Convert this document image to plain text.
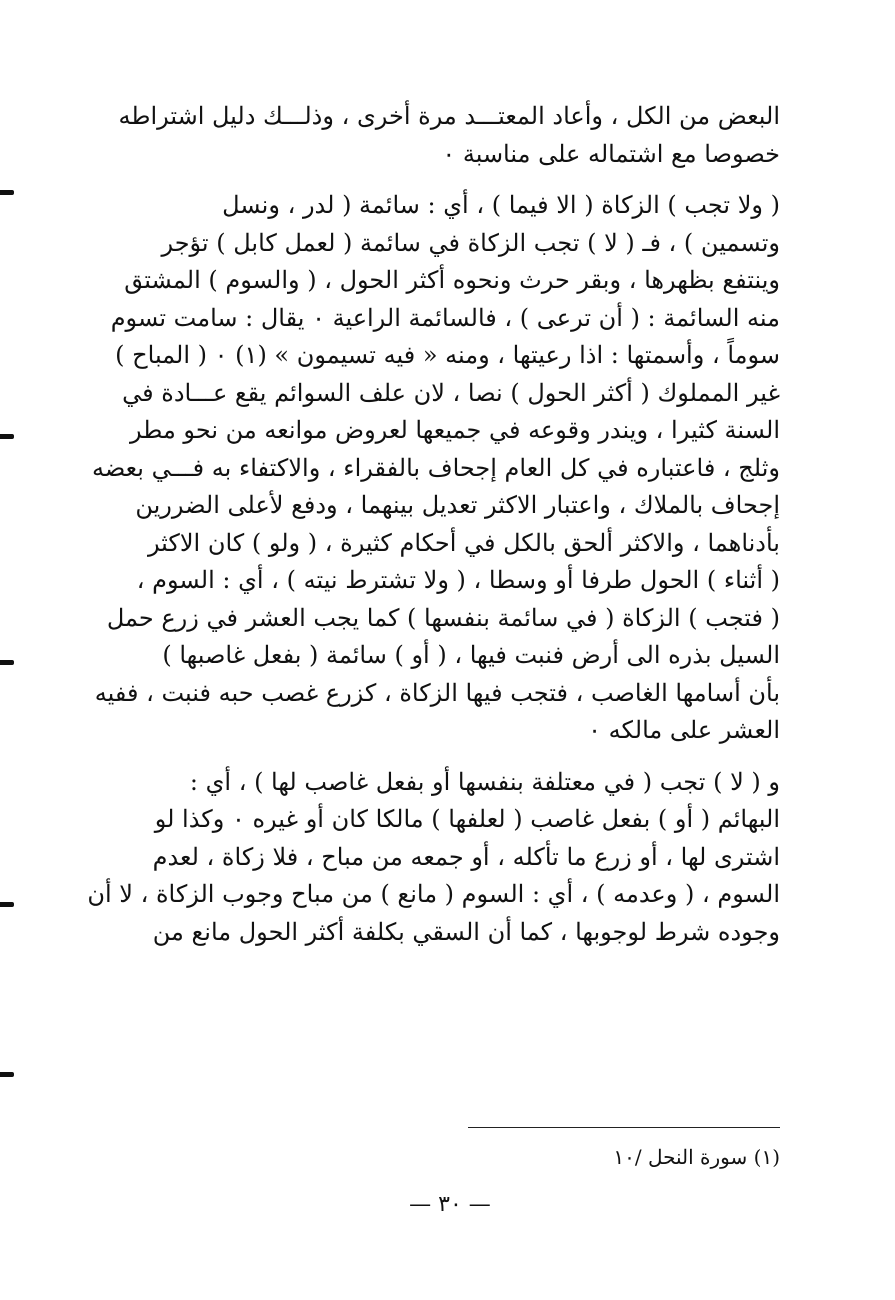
البعض من الكل ، وأعاد المعتـــد مرة أخرى ، وذلـــك دليل اشتراطه
خصوصا مع اشتماله على مناسبة ٠
( ولا تجب ) الزكاة ( الا فيما ) ، أي : سائمة ( لدر ، ونسل
وتسمين ) ، فـ ( لا ) تجب الزكاة في سائمة ( لعمل كابل ) تؤجر
وينتفع بظهرها ، وبقر حرث ونحوه أكثر الحول ، ( والسوم ) المشتق
منه السائمة : ( أن ترعى ) ، فالسائمة الراعية ٠ يقال : سامت تسوم
سوماً ، وأسمتها : اذا رعيتها ، ومنه « فيه تسيمون » (١) ٠ ( المباح )
غير المملوك ( أكثر الحول ) نصا ، لان علف السوائم يقع عـــادة في
السنة كثيرا ، ويندر وقوعه في جميعها لعروض موانعه من نحو مطر
وثلج ، فاعتباره في كل العام إجحاف بالفقراء ، والاكتفاء به فـــي بعضه
إجحاف بالملاك ، واعتبار الاكثر تعديل بينهما ، ودفع لأعلى الضررين
بأدناهما ، والاكثر ألحق بالكل في أحكام كثيرة ، ( ولو ) كان الاكثر
( أثناء ) الحول طرفا أو وسطا ، ( ولا تشترط نيته ) ، أي : السوم ،
( فتجب ) الزكاة ( في سائمة بنفسها ) كما يجب العشر في زرع حمل
السيل بذره الى أرض فنبت فيها ، ( أو ) سائمة ( بفعل غاصبها )
بأن أسامها الغاصب ، فتجب فيها الزكاة ، كزرع غصب حبه فنبت ، ففيه
العشر على مالكه ٠
و ( لا ) تجب ( في معتلفة بنفسها أو بفعل غاصب لها ) ، أي :
البهائم ( أو ) بفعل غاصب ( لعلفها ) مالكا كان أو غيره ٠ وكذا لو
اشترى لها ، أو زرع ما تأكله ، أو جمعه من مباح ، فلا زكاة ، لعدم
السوم ، ( وعدمه ) ، أي : السوم ( مانع ) من مباح وجوب الزكاة ، لا أن
وجوده شرط لوجوبها ، كما أن السقي بكلفة أكثر الحول مانع من
(١) سورة النحل /١٠
— ٣٠ —
